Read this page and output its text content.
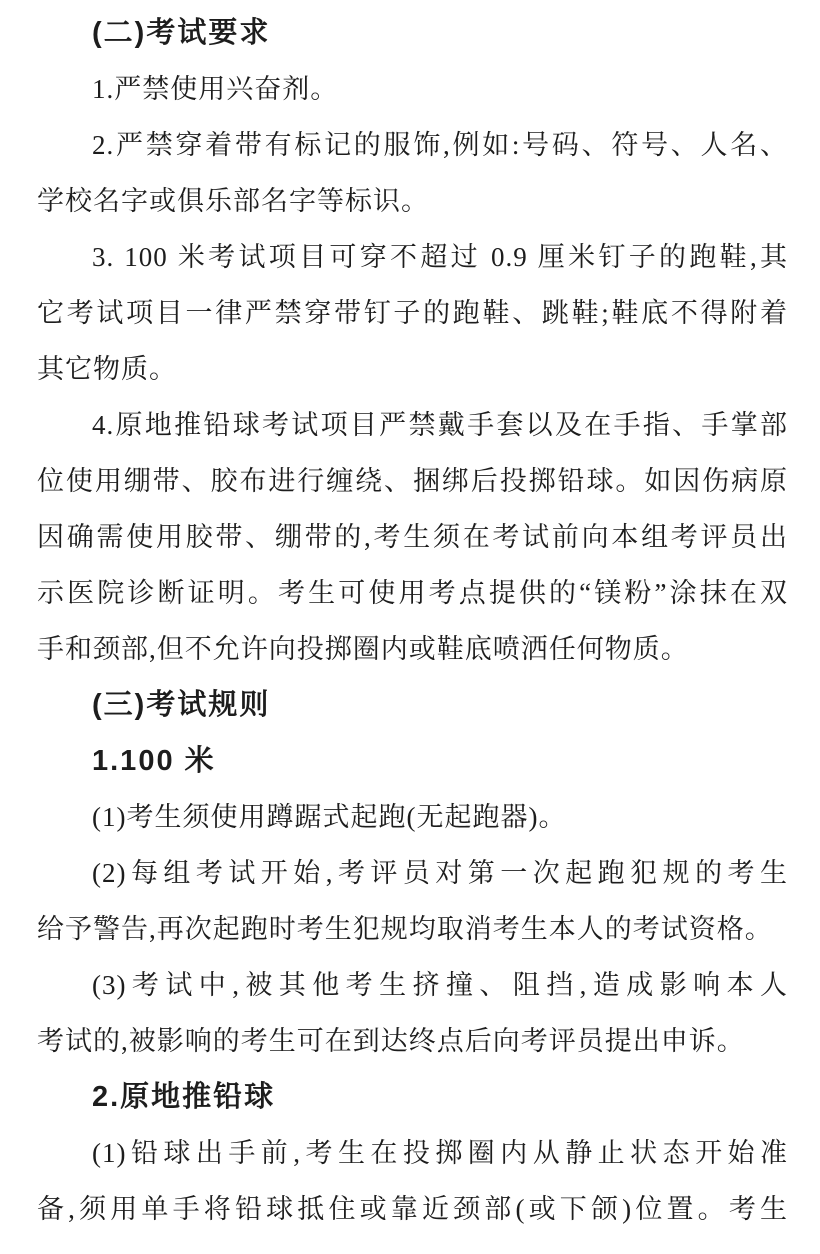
(二)考试要求

1.严禁使用兴奋剂。

2.严禁穿着带有标记的服饰,例如:号码、符号、人名、

学校名字或俱乐部名字等标识。

3. 100 米考试项目可穿不超过 0.9 厘米钉子的跑鞋,其

它考试项目一律严禁穿带钉子的跑鞋、跳鞋;鞋底不得附着

其它物质。

4.原地推铅球考试项目严禁戴手套以及在手指、手掌部

位使用绷带、胶布进行缠绕、捆绑后投掷铅球。如因伤病原

因确需使用胶带、绷带的,考生须在考试前向本组考评员出

示医院诊断证明。考生可使用考点提供的“镁粉”涂抹在双

手和颈部,但不允许向投掷圈内或鞋底喷洒任何物质。

(三)考试规则

1.100 米

(1)考生须使用蹲踞式起跑(无起跑器)。

(2)每组考试开始,考评员对第一次起跑犯规的考生

给予警告,再次起跑时考生犯规均取消考生本人的考试资格。

(3)考试中,被其他考生挤撞、阻挡,造成影响本人

考试的,被影响的考生可在到达终点后向考评员提出申诉。

2.原地推铅球

(1)铅球出手前,考生在投掷圈内从静止状态开始准

备,须用单手将铅球抵住或靠近颈部(或下颌)位置。考生
